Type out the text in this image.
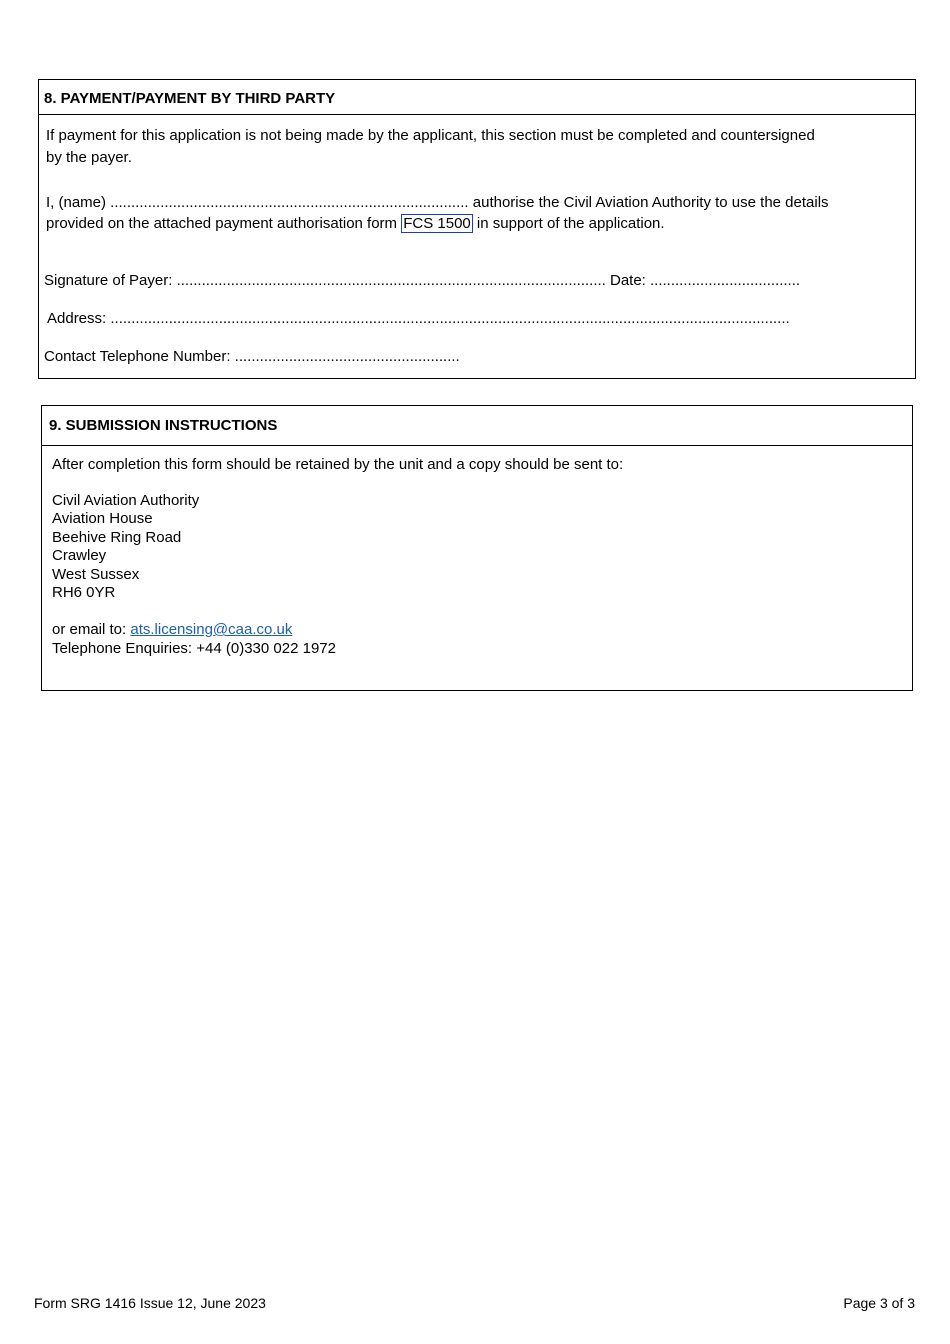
8. PAYMENT/PAYMENT BY THIRD PARTY
If payment for this application is not being made by the applicant, this section must be completed and countersigned
by the payer.
I, (name) ...................................................................................... authorise the Civil Aviation Authority to use the details
provided on the attached payment authorisation form FCS 1500 in support of the application.
Signature of Payer: ....................................................................................................... Date: ....................................
Address: ...................................................................................................................................................................
Contact Telephone Number: ......................................................
9. SUBMISSION INSTRUCTIONS
After completion this form should be retained by the unit and a copy should be sent to:

Civil Aviation Authority

Aviation House

Beehive Ring Road

Crawley

West Sussex

RH6 0YR

or email to: ats.licensing@caa.co.uk
Telephone Enquiries: +44 (0)330 022 1972
Form SRG 1416 Issue 12, June 2023	Page 3 of 3
